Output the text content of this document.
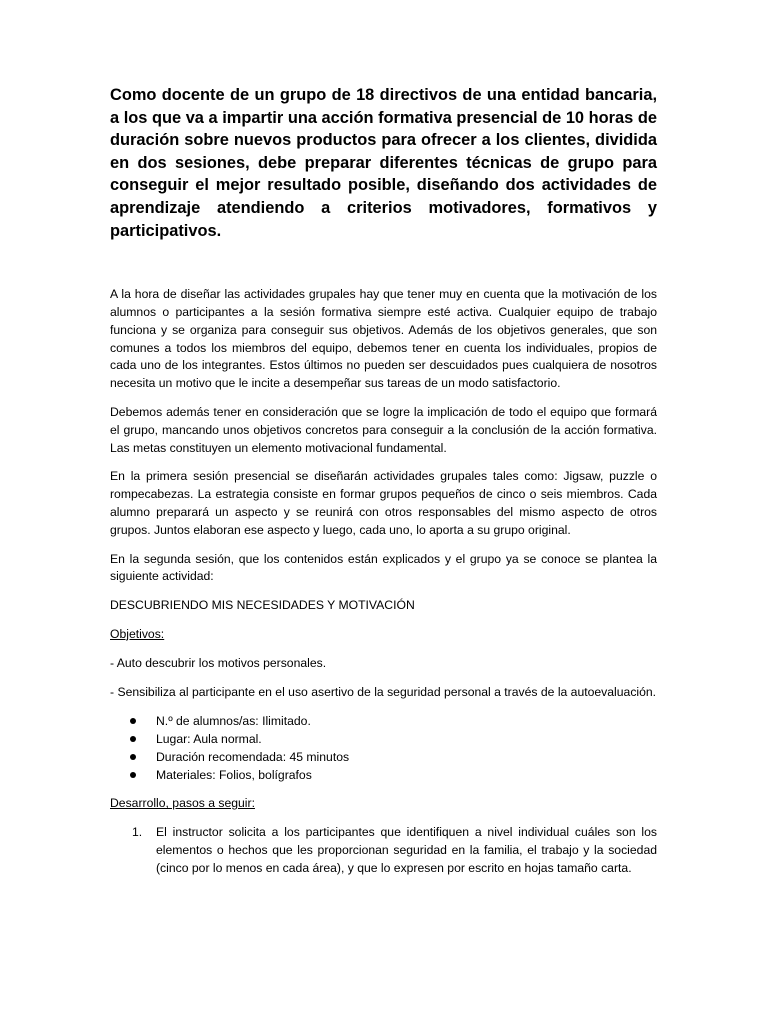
Como docente de un grupo de 18 directivos de una entidad bancaria, a los que va a impartir una acción formativa presencial de 10 horas de duración sobre nuevos productos para ofrecer a los clientes, dividida en dos sesiones, debe preparar diferentes técnicas de grupo para conseguir el mejor resultado posible, diseñando dos actividades de aprendizaje atendiendo a criterios motivadores, formativos y participativos.

A la hora de diseñar las actividades grupales hay que tener muy en cuenta que la motivación de los alumnos o participantes a la sesión formativa siempre esté activa. Cualquier equipo de trabajo funciona y se organiza para conseguir sus objetivos. Además de los objetivos generales, que son comunes a todos los miembros del equipo, debemos tener en cuenta los individuales, propios de cada uno de los integrantes. Estos últimos no pueden ser descuidados pues cualquiera de nosotros necesita un motivo que le incite a desempeñar sus tareas de un modo satisfactorio.

Debemos además tener en consideración que se logre la implicación de todo el equipo que formará el grupo, mancando unos objetivos concretos para conseguir a la conclusión de la acción formativa. Las metas constituyen un elemento motivacional fundamental.

En la primera sesión presencial se diseñarán actividades grupales tales como: Jigsaw, puzzle o rompecabezas. La estrategia consiste en formar grupos pequeños de cinco o seis miembros. Cada alumno preparará un aspecto y se reunirá con otros responsables del mismo aspecto de otros grupos. Juntos elaboran ese aspecto y luego, cada uno, lo aporta a su grupo original.

En la segunda sesión, que los contenidos están explicados y el grupo ya se conoce se plantea la siguiente actividad:

DESCUBRIENDO MIS NECESIDADES Y MOTIVACIÓN

Objetivos:

- Auto descubrir los motivos personales.

- Sensibiliza al participante en el uso asertivo de la seguridad personal a través de la autoevaluación.

N.º de alumnos/as: Ilimitado.
Lugar: Aula normal.
Duración recomendada: 45 minutos
Materiales: Folios, bolígrafos

Desarrollo, pasos a seguir:

1. El instructor solicita a los participantes que identifiquen a nivel individual cuáles son los elementos o hechos que les proporcionan seguridad en la familia, el trabajo y la sociedad (cinco por lo menos en cada área), y que lo expresen por escrito en hojas tamaño carta.
